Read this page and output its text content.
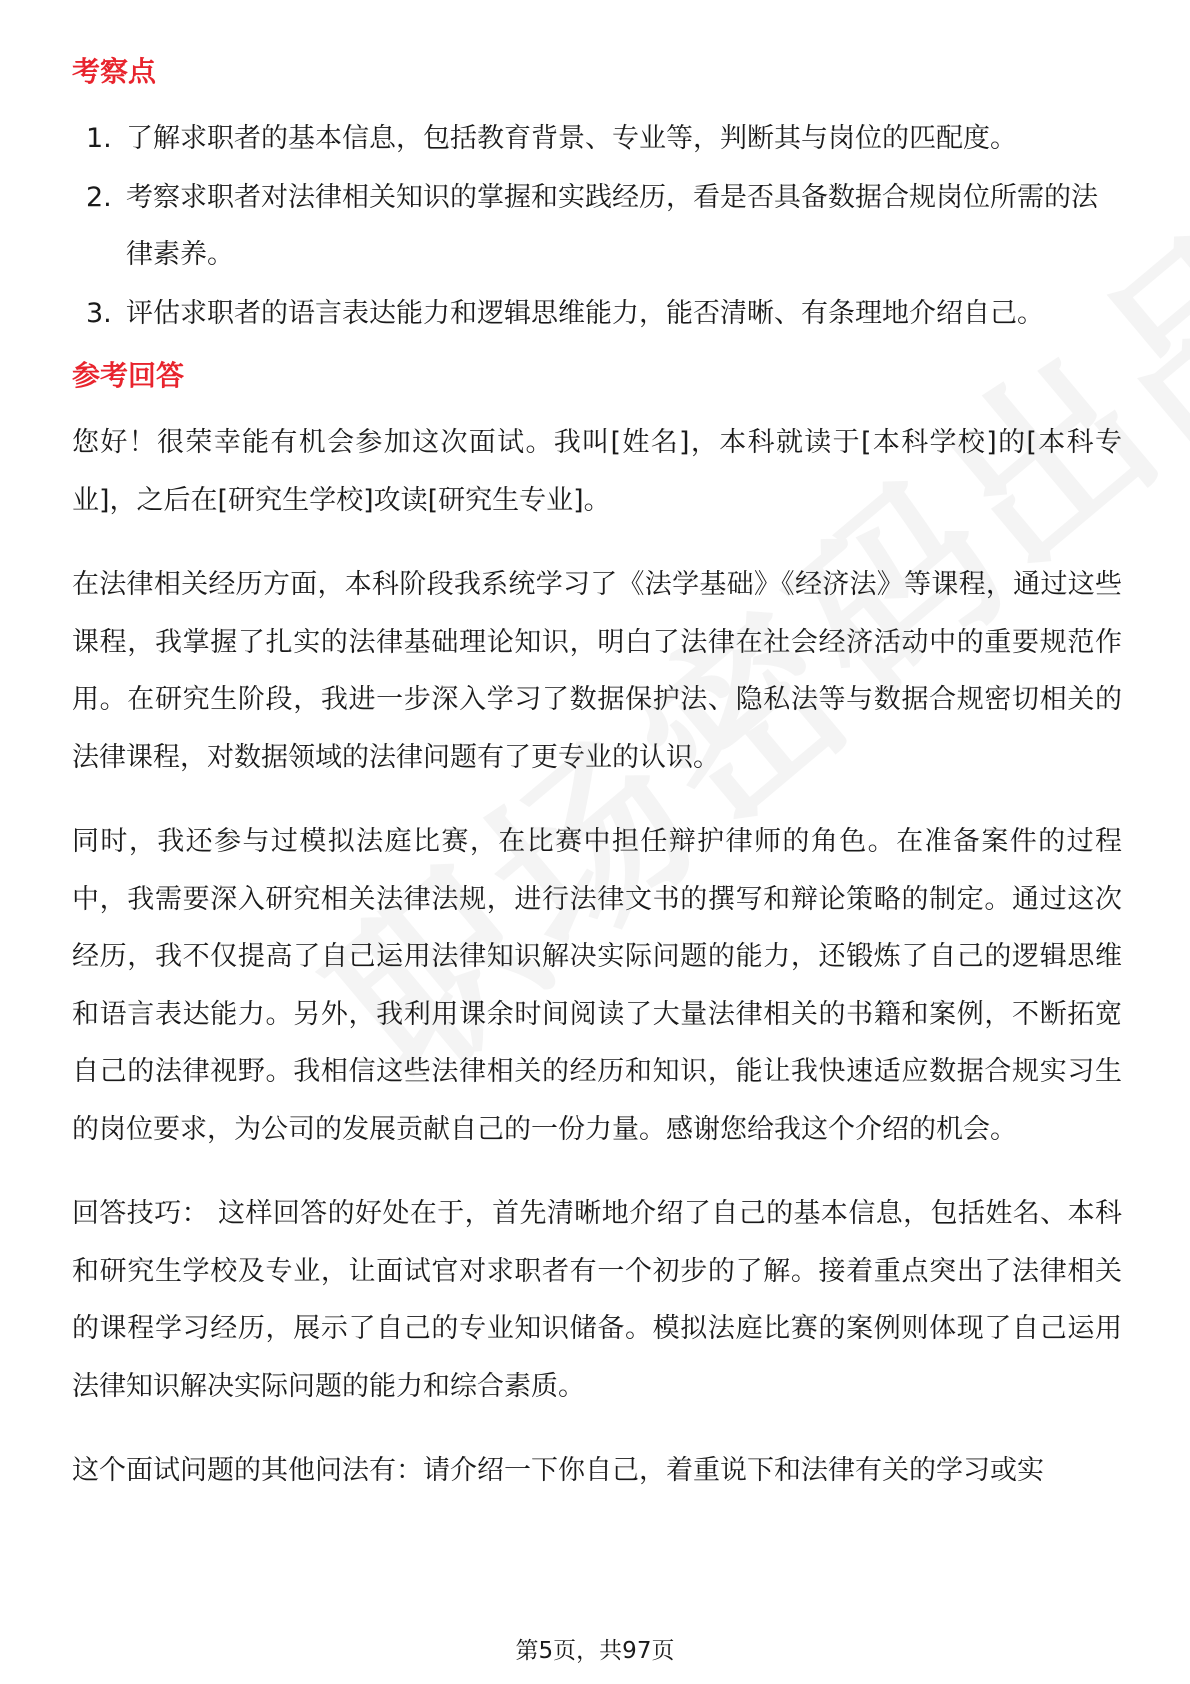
考察点
1. 了解求职者的基本信息，包括教育背景、专业等，判断其与岗位的匹配度。
2. 考察求职者对法律相关知识的掌握和实践经历，看是否具备数据合规岗位所需的法律素养。
3. 评估求职者的语言表达能力和逻辑思维能力，能否清晰、有条理地介绍自己。
参考回答

您好！很荣幸能有机会参加这次面试。我叫[姓名]，本科就读于[本科学校]的[本科专业]，之后在[研究生学校]攻读[研究生专业]。

在法律相关经历方面，本科阶段我系统学习了《法学基础》《经济法》等课程，通过这些课程，我掌握了扎实的法律基础理论知识，明白了法律在社会经济活动中的重要规范作用。在研究生阶段，我进一步深入学习了数据保护法、隐私法等与数据合规密切相关的法律课程，对数据领域的法律问题有了更专业的认识。

同时，我还参与过模拟法庭比赛，在比赛中担任辩护律师的角色。在准备案件的过程中，我需要深入研究相关法律法规，进行法律文书的撰写和辩论策略的制定。通过这次经历，我不仅提高了自己运用法律知识解决实际问题的能力，还锻炼了自己的逻辑思维和语言表达能力。另外，我利用课余时间阅读了大量法律相关的书籍和案例，不断拓宽自己的法律视野。我相信这些法律相关的经历和知识，能让我快速适应数据合规实习生的岗位要求，为公司的发展贡献自己的一份力量。感谢您给我这个介绍的机会。

回答技巧： 这样回答的好处在于，首先清晰地介绍了自己的基本信息，包括姓名、本科和研究生学校及专业，让面试官对求职者有一个初步的了解。接着重点突出了法律相关的课程学习经历，展示了自己的专业知识储备。模拟法庭比赛的案例则体现了自己运用法律知识解决实际问题的能力和综合素质。

这个面试问题的其他问法有：请介绍一下你自己，着重说下和法律有关的学习或实

第5页，共97页
